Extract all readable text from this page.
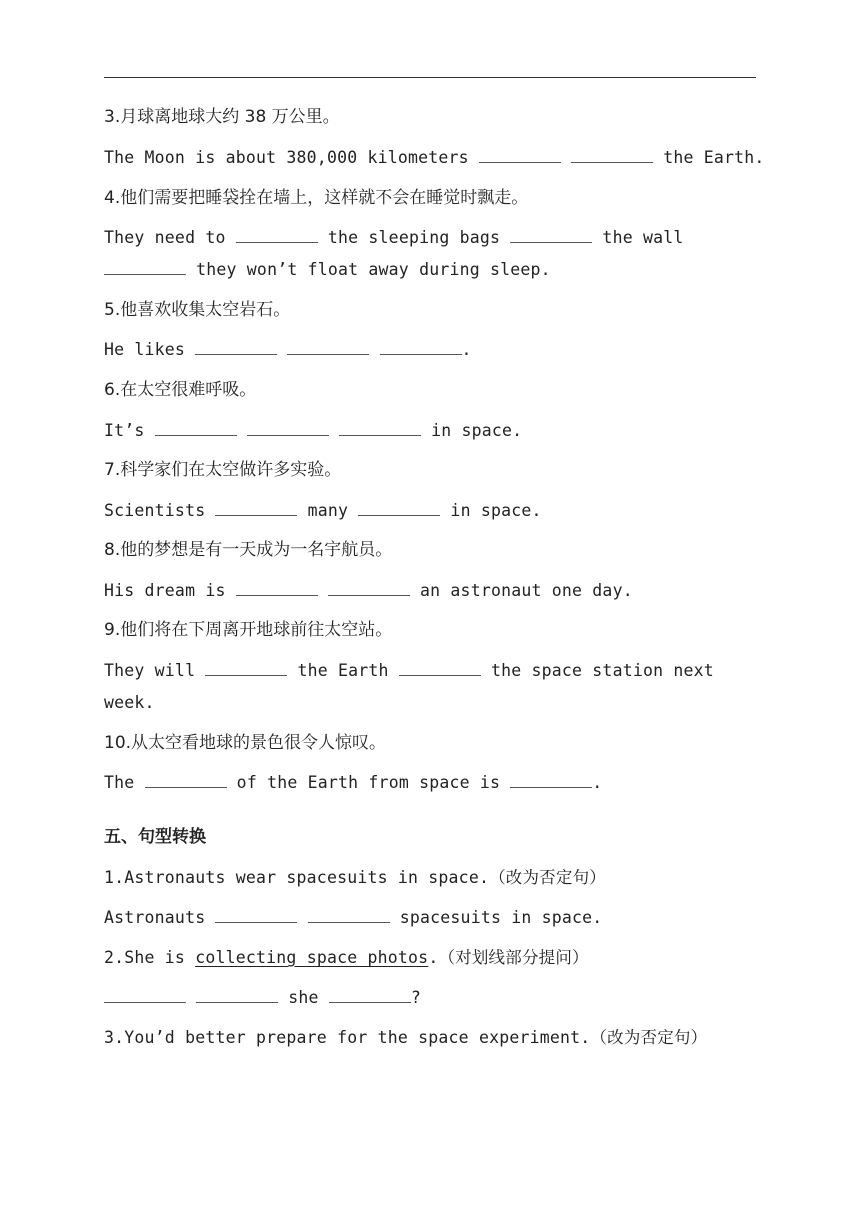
3.月球离地球大约 38 万公里。
The Moon is about 380,000 kilometers	the Earth.
4.他们需要把睡袋拴在墙上，这样就不会在睡觉时飘走。
They need to	the sleeping bags	the wall
they won’t float away during sleep.
5.他喜欢收集太空岩石。
He likes	.
6.在太空很难呼吸。
It’s	in space.
7.科学家们在太空做许多实验。
Scientists	many	in space.
8.他的梦想是有一天成为一名宇航员。
His dream is	an astronaut one day.
9.他们将在下周离开地球前往太空站。
They will	the Earth	the space station next
week.
10.从太空看地球的景色很令人惊叹。
The	of the Earth from space is	.
五、句型转换
1.Astronauts wear spacesuits in space.（改为否定句）
Astronauts	spacesuits in space.
2.She is collecting space photos.（对划线部分提问）
she	?
3.You’d better prepare for the space experiment.（改为否定句）
